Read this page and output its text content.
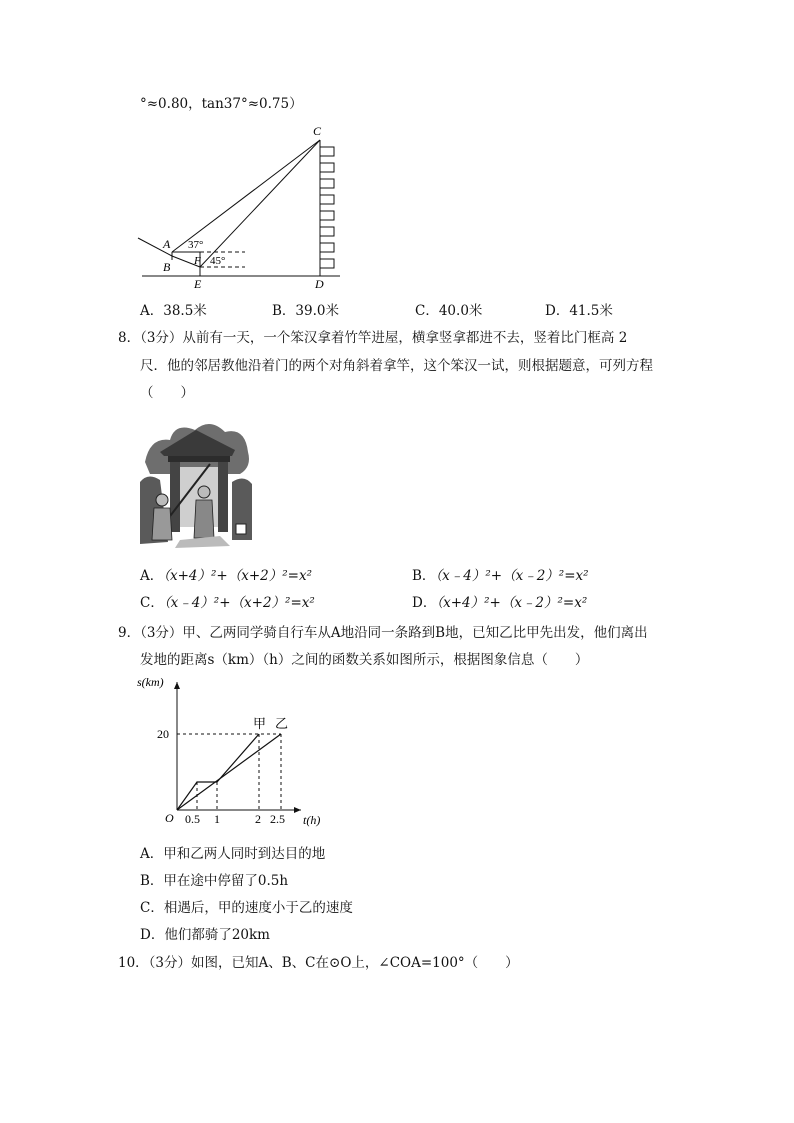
°≈0.80，tan37°≈0.75）
C
A
B F
E	D
37°
45°
A．38.5米	B．39.0米	C．40.0米	D．41.5米
8．（3分）从前有一天，一个笨汉拿着竹竿进屋，横拿竖拿都进不去，竖着比门框高 2
尺．他的邻居教他沿着门的两个对角斜着拿竿，这个笨汉一试，则根据题意，可列方程
（　　）
A．（x+4）²+（x+2）²=x²	B．（x﹣4）²+（x﹣2）²=x²
C．（x﹣4）²+（x+2）²=x²	D．（x+4）²+（x﹣2）²=x²
9．（3分）甲、乙两同学骑自行车从A地沿同一条路到B地，已知乙比甲先出发，他们离出
发地的距离s（km）（h）之间的函数关系如图所示，根据图象信息（　　）
s(km)
t(h)
O
20
0.5 1	2 2.5
甲 乙
A．甲和乙两人同时到达目的地
B．甲在途中停留了0.5h
C．相遇后，甲的速度小于乙的速度
D．他们都骑了20km
10．（3分）如图，已知A、B、C在⊙O上，∠COA=100°（　　）
